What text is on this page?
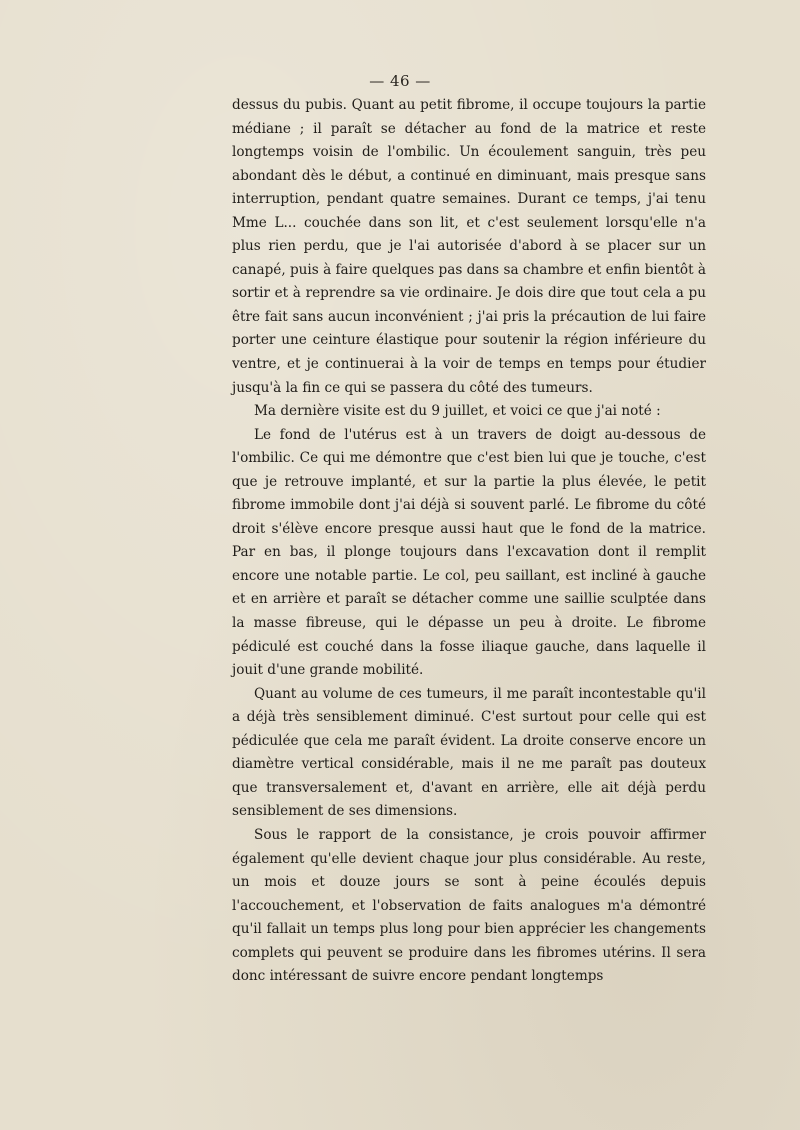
— 46 —

dessus du pubis. Quant au petit fibrome, il occupe toujours la partie médiane ; il paraît se détacher au fond de la matrice et reste longtemps voisin de l'ombilic. Un écoulement sanguin, très peu abondant dès le début, a continué en diminuant, mais presque sans interruption, pendant quatre semaines. Durant ce temps, j'ai tenu Mme L... couchée dans son lit, et c'est seulement lorsqu'elle n'a plus rien perdu, que je l'ai autorisée d'abord à se placer sur un canapé, puis à faire quelques pas dans sa chambre et enfin bientôt à sortir et à reprendre sa vie ordinaire. Je dois dire que tout cela a pu être fait sans aucun inconvénient ; j'ai pris la précaution de lui faire porter une ceinture élastique pour soutenir la région inférieure du ventre, et je continuerai à la voir de temps en temps pour étudier jusqu'à la fin ce qui se passera du côté des tumeurs.

Ma dernière visite est du 9 juillet, et voici ce que j'ai noté :

Le fond de l'utérus est à un travers de doigt au-dessous de l'ombilic. Ce qui me démontre que c'est bien lui que je touche, c'est que je retrouve implanté, et sur la partie la plus élevée, le petit fibrome immobile dont j'ai déjà si souvent parlé. Le fibrome du côté droit s'élève encore presque aussi haut que le fond de la matrice. Par en bas, il plonge toujours dans l'excavation dont il remplit encore une notable partie. Le col, peu saillant, est incliné à gauche et en arrière et paraît se détacher comme une saillie sculptée dans la masse fibreuse, qui le dépasse un peu à droite. Le fibrome pédiculé est couché dans la fosse iliaque gauche, dans laquelle il jouit d'une grande mobilité.

Quant au volume de ces tumeurs, il me paraît incontestable qu'il a déjà très sensiblement diminué. C'est surtout pour celle qui est pédiculée que cela me paraît évident. La droite conserve encore un diamètre vertical considérable, mais il ne me paraît pas douteux que transversalement et, d'avant en arrière, elle ait déjà perdu sensiblement de ses dimensions.

Sous le rapport de la consistance, je crois pouvoir affirmer également qu'elle devient chaque jour plus considérable. Au reste, un mois et douze jours se sont à peine écoulés depuis l'accouchement, et l'observation de faits analogues m'a démontré qu'il fallait un temps plus long pour bien apprécier les changements complets qui peuvent se produire dans les fibromes utérins. Il sera donc intéressant de suivre encore pendant longtemps
